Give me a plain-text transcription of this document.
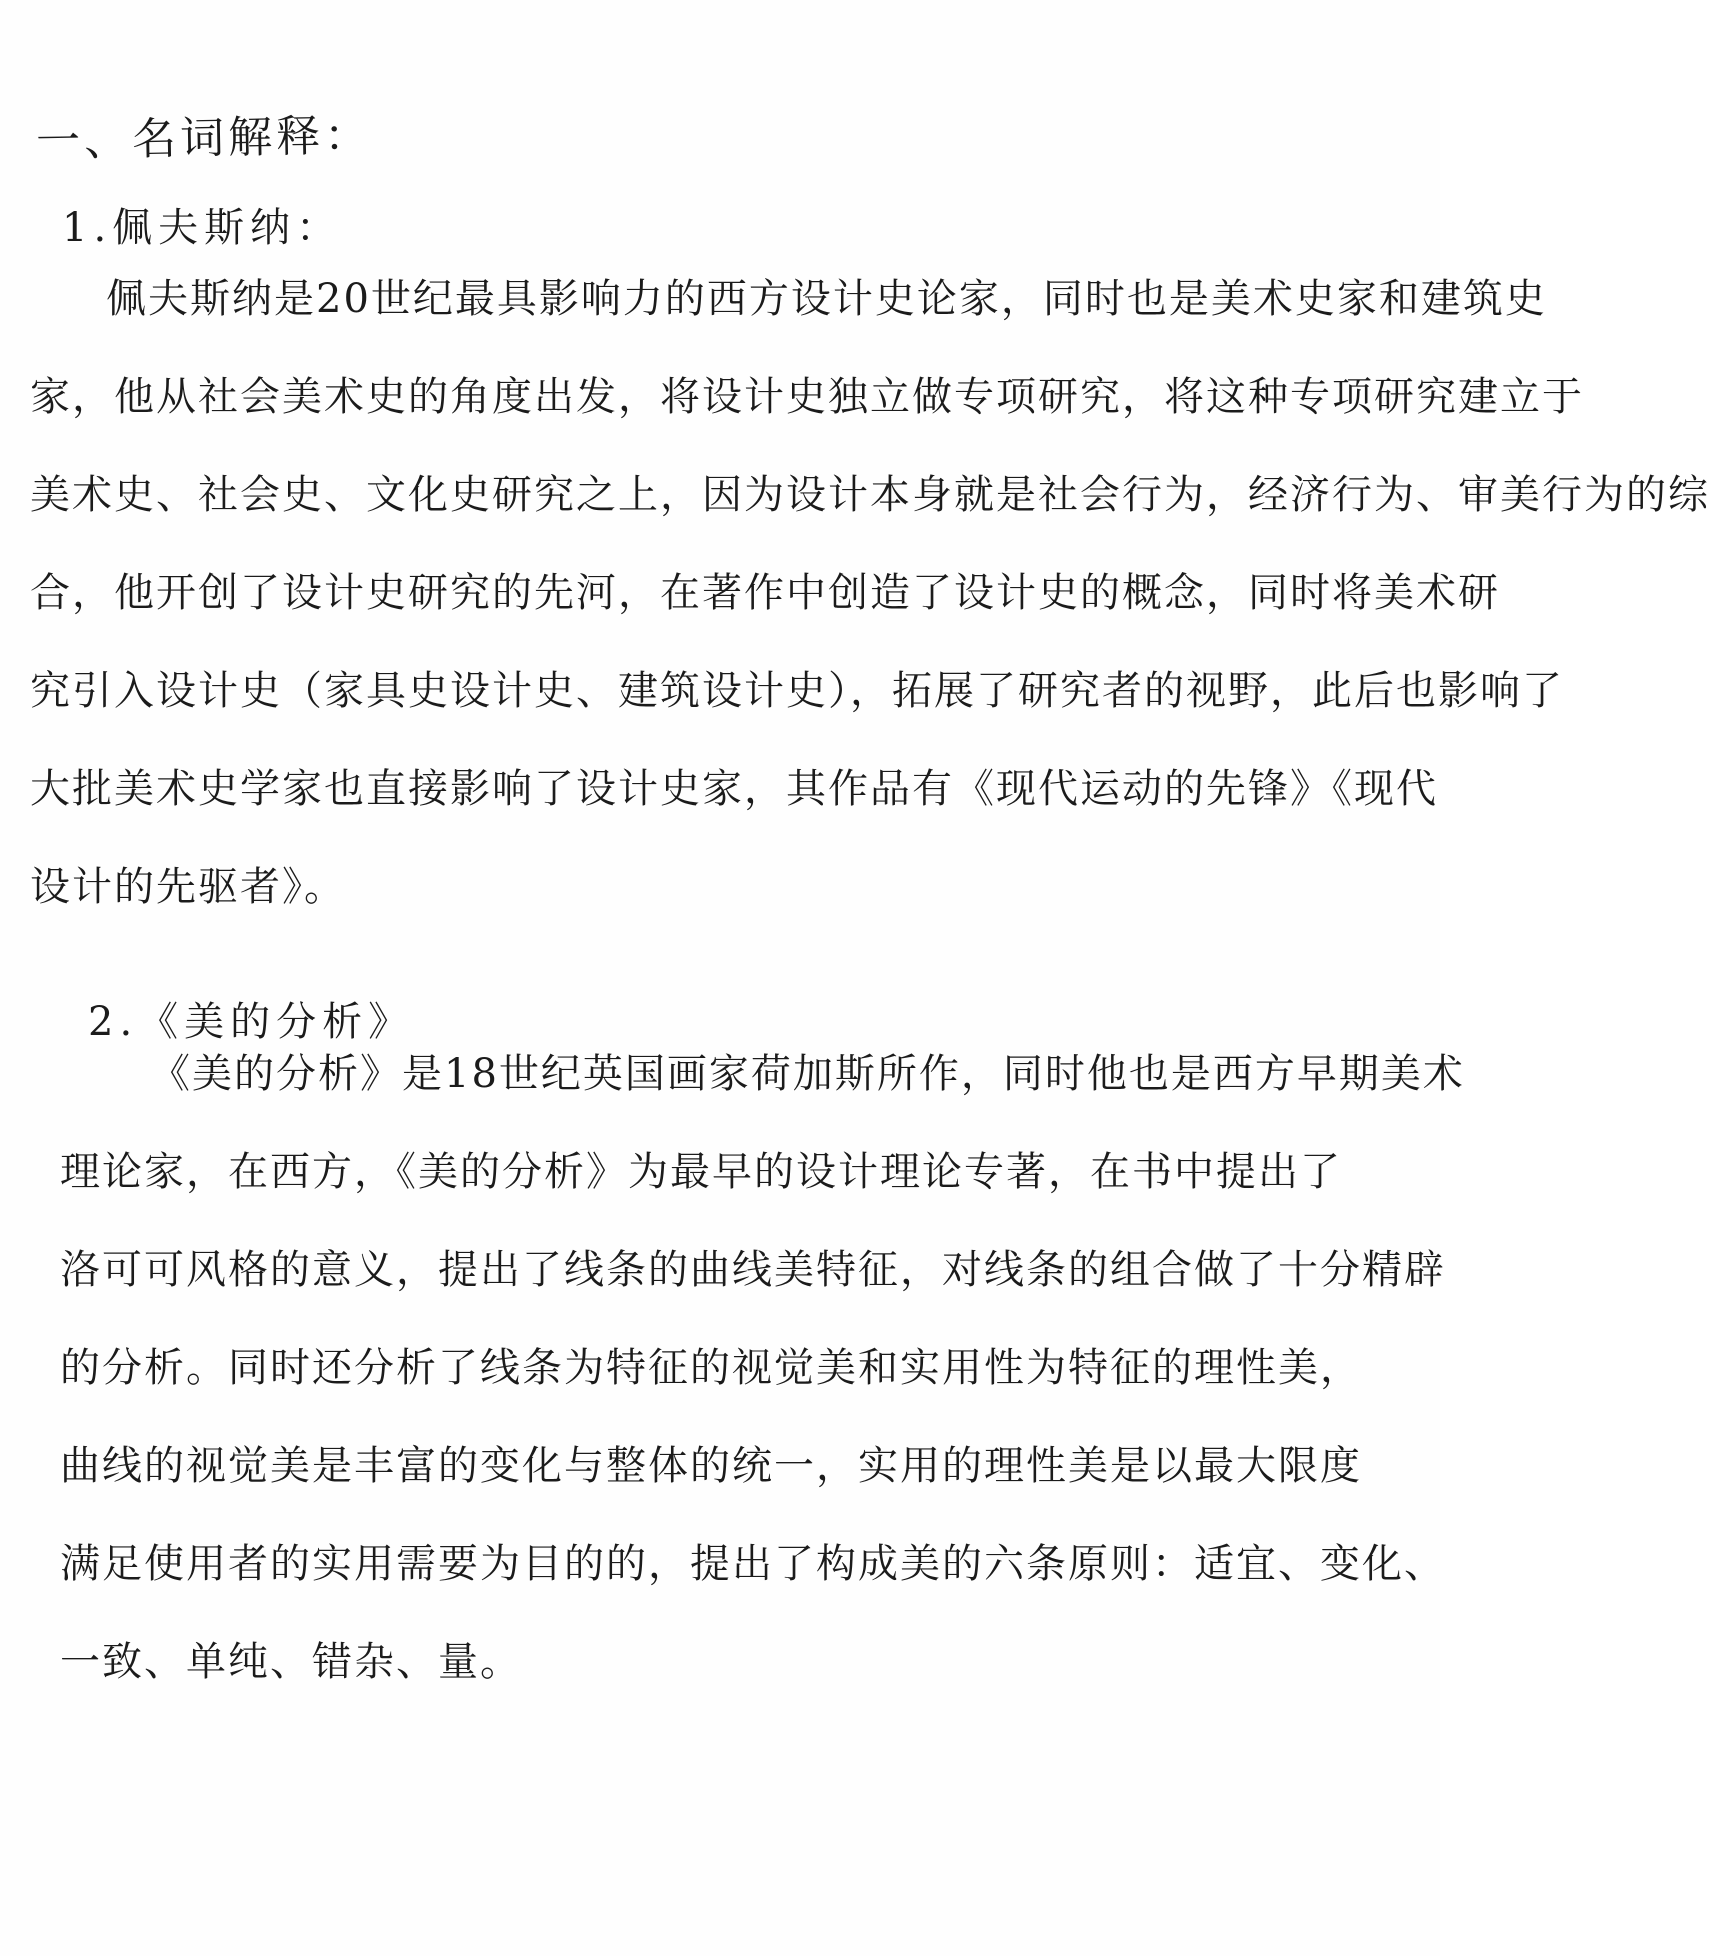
一、名词解释：
1.佩夫斯纳：
佩夫斯纳是20世纪最具影响力的西方设计史论家，同时也是美术史家和建筑史
家，他从社会美术史的角度出发，将设计史独立做专项研究，将这种专项研究建立于
美术史、社会史、文化史研究之上，因为设计本身就是社会行为，经济行为、审美行为的综
合，他开创了设计史研究的先河，在著作中创造了设计史的概念，同时将美术研
究引入设计史（家具史设计史、建筑设计史），拓展了研究者的视野，此后也影响了
大批美术史学家也直接影响了设计史家，其作品有《现代运动的先锋》《现代
设计的先驱者》。
2.《美的分析》
《美的分析》是18世纪英国画家荷加斯所作，同时他也是西方早期美术
理论家，在西方，《美的分析》为最早的设计理论专著，在书中提出了
洛可可风格的意义，提出了线条的曲线美特征，对线条的组合做了十分精辟
的分析。同时还分析了线条为特征的视觉美和实用性为特征的理性美，
曲线的视觉美是丰富的变化与整体的统一，实用的理性美是以最大限度
满足使用者的实用需要为目的的，提出了构成美的六条原则：适宜、变化、
一致、单纯、错杂、量。
